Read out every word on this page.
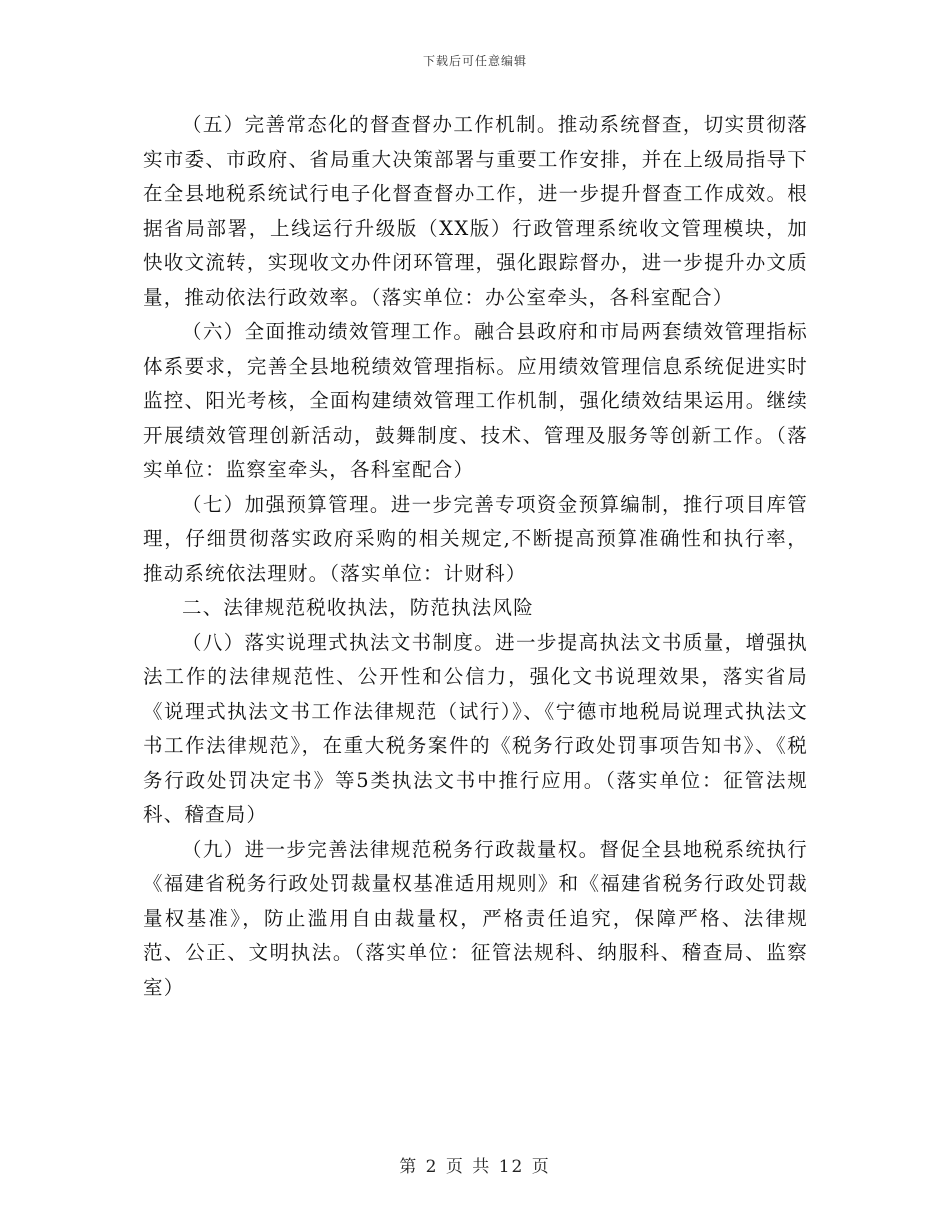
下载后可任意编辑

（五）完善常态化的督查督办工作机制。推动系统督查，切实贯彻落实市委、市政府、省局重大决策部署与重要工作安排，并在上级局指导下在全县地税系统试行电子化督查督办工作，进一步提升督查工作成效。根据省局部署，上线运行升级版（XX版）行政管理系统收文管理模块，加快收文流转，实现收文办件闭环管理，强化跟踪督办，进一步提升办文质量，推动依法行政效率。（落实单位：办公室牵头，各科室配合）

（六）全面推动绩效管理工作。融合县政府和市局两套绩效管理指标体系要求，完善全县地税绩效管理指标。应用绩效管理信息系统促进实时监控、阳光考核，全面构建绩效管理工作机制，强化绩效结果运用。继续开展绩效管理创新活动，鼓舞制度、技术、管理及服务等创新工作。（落实单位：监察室牵头，各科室配合）

（七）加强预算管理。进一步完善专项资金预算编制，推行项目库管理，仔细贯彻落实政府采购的相关规定,不断提高预算准确性和执行率，推动系统依法理财。（落实单位：计财科）

二、法律规范税收执法，防范执法风险

（八）落实说理式执法文书制度。进一步提高执法文书质量，增强执法工作的法律规范性、公开性和公信力，强化文书说理效果，落实省局《说理式执法文书工作法律规范（试行）》、《宁德市地税局说理式执法文书工作法律规范》，在重大税务案件的《税务行政处罚事项告知书》、《税务行政处罚决定书》等5类执法文书中推行应用。（落实单位：征管法规科、稽查局）

（九）进一步完善法律规范税务行政裁量权。督促全县地税系统执行《福建省税务行政处罚裁量权基准适用规则》和《福建省税务行政处罚裁量权基准》，防止滥用自由裁量权，严格责任追究，保障严格、法律规范、公正、文明执法。（落实单位：征管法规科、纳服科、稽查局、监察室）

第 2 页 共 12 页
